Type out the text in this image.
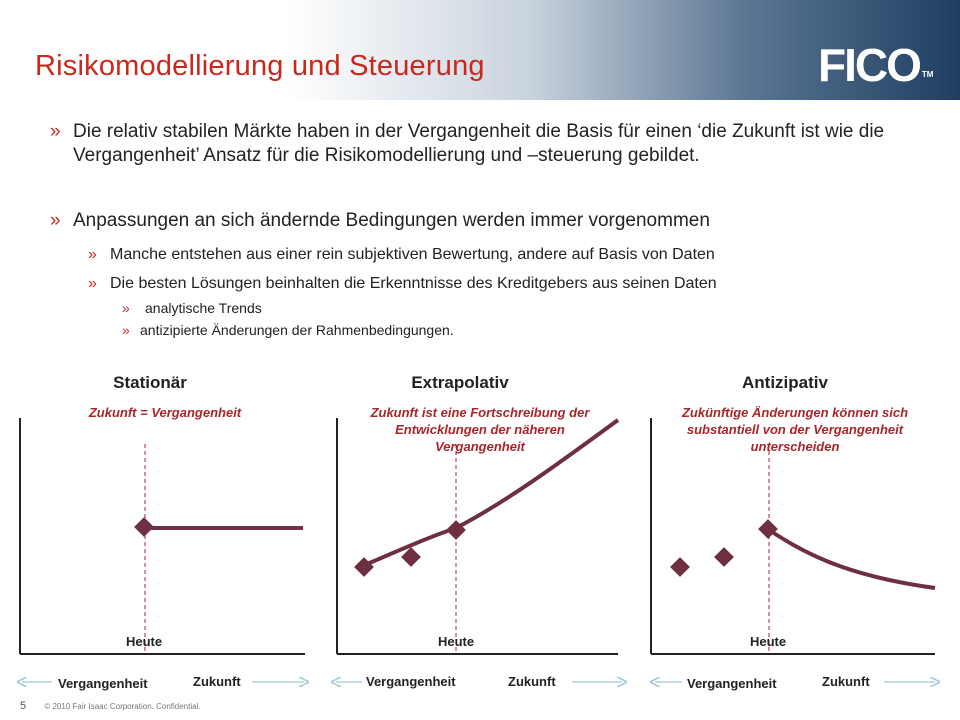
Risikomodellierung und Steuerung	FICO ™
» Die relativ stabilen Märkte haben in der Vergangenheit die Basis für einen ‘die Zukunft ist wie die Vergangenheit’ Ansatz für die Risikomodellierung und –steuerung gebildet.
» Anpassungen an sich ändernde Bedingungen werden immer vorgenommen
» Manche entstehen aus einer rein subjektiven Bewertung, andere auf Basis von Daten
» Die besten Lösungen beinhalten die Erkenntnisse des Kreditgebers aus seinen Daten
» analytische Trends
» antizipierte Änderungen der Rahmenbedingungen.
Stationär	Extrapolativ	Antizipativ
Zukunft = Vergangenheit	Zukunft ist eine Fortschreibung der Entwicklungen der näheren Vergangenheit
Zukünftige Änderungen können sich substantiell von der Vergangenheit unterscheiden
Heute	Heute	Heute
Vergangenheit	Zukunft	Vergangenheit	Zukunft	Vergangenheit	Zukunft
5 © 2010 Fair Isaac Corporation. Confidential.
